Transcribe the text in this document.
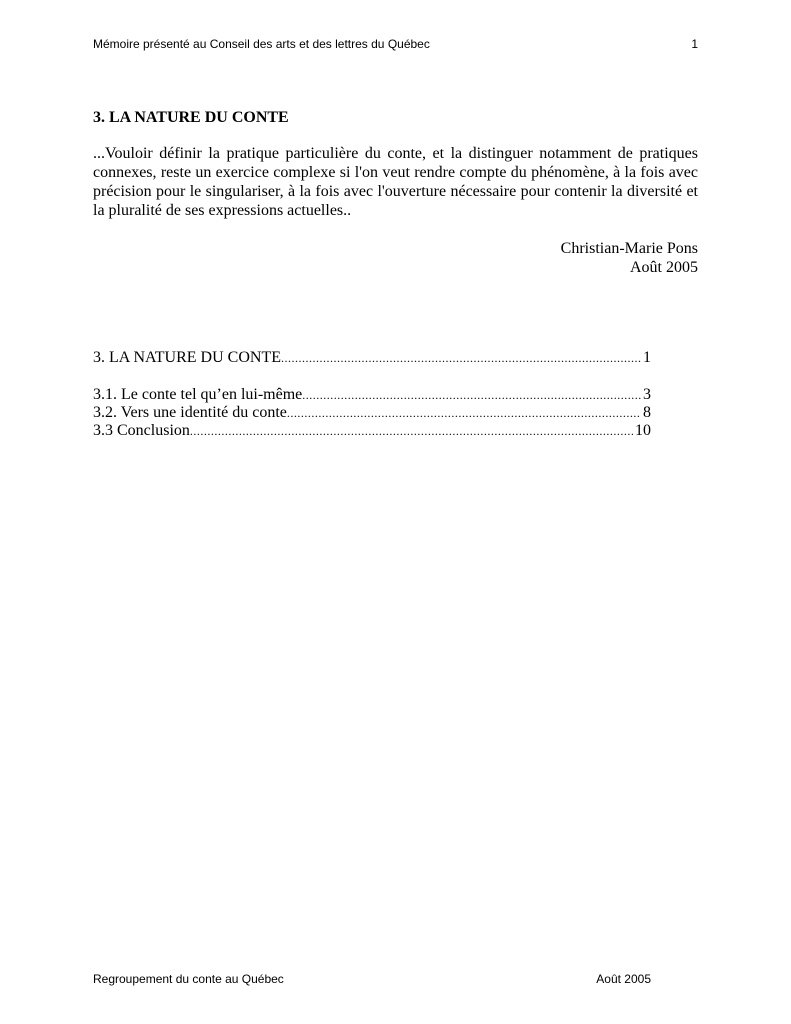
Mémoire présenté au Conseil des arts et des lettres du Québec	1
3. LA NATURE DU CONTE

...Vouloir définir la pratique particulière du conte, et la distinguer notamment de pratiques connexes, reste un exercice complexe si l'on veut rendre compte du phénomène, à la fois avec précision pour le singulariser, à la fois avec l'ouverture nécessaire pour contenir la diversité et la pluralité de ses expressions actuelles..

Christian-Marie Pons
Août 2005
3. LA NATURE DU CONTE .....	1
3.1. Le conte tel qu’en lui-même .....	3
3.2. Vers une identité du conte .....	8
3.3 Conclusion .....	10
Regroupement du conte au Québec	Août 2005
